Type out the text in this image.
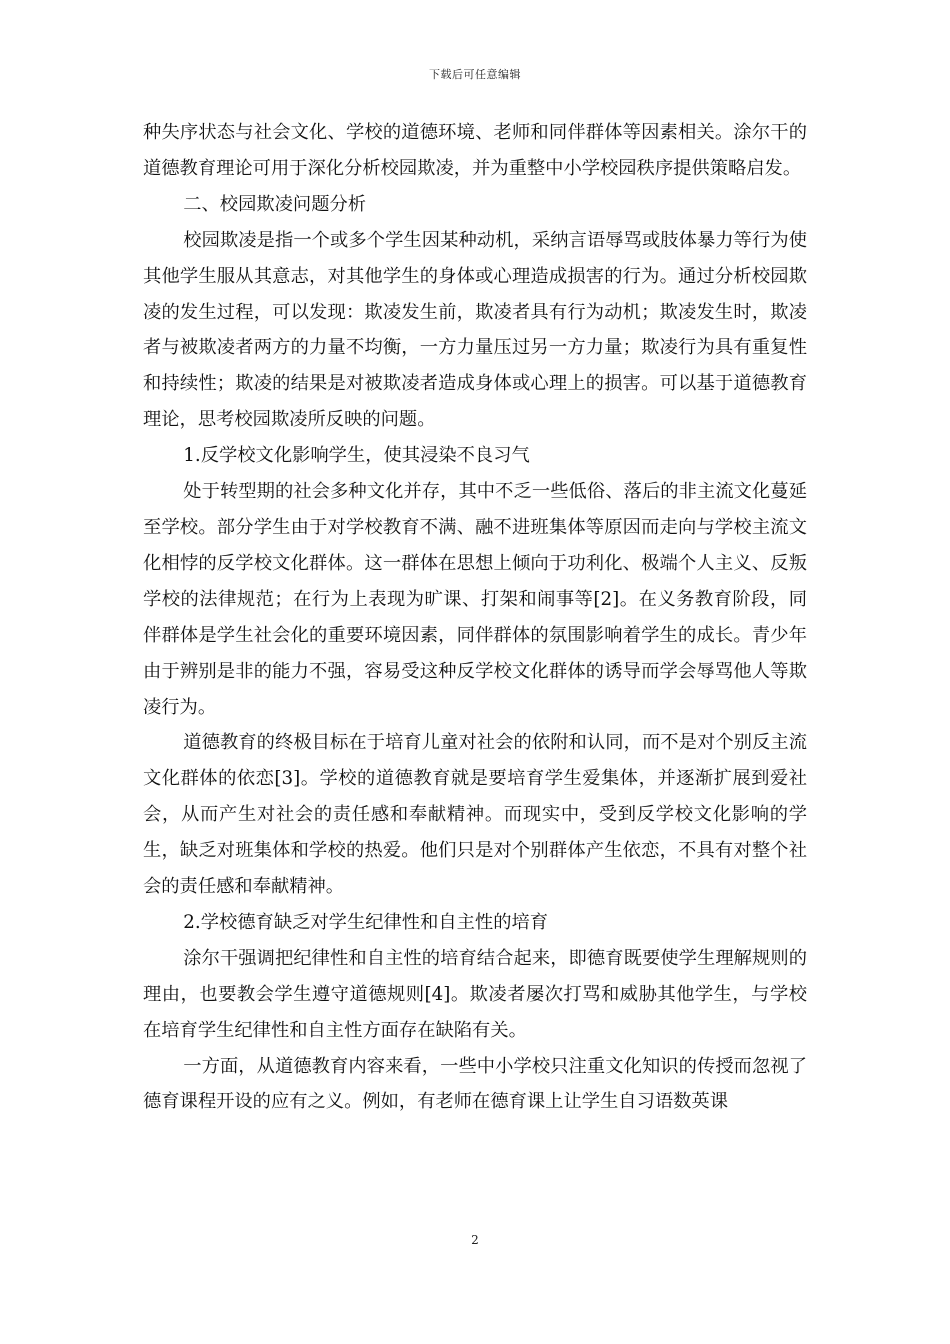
下载后可任意编辑

种失序状态与社会文化、学校的道德环境、老师和同伴群体等因素相关。涂尔干的道德教育理论可用于深化分析校园欺凌，并为重整中小学校园秩序提供策略启发。

二、校园欺凌问题分析

校园欺凌是指一个或多个学生因某种动机，采纳言语辱骂或肢体暴力等行为使其他学生服从其意志，对其他学生的身体或心理造成损害的行为。通过分析校园欺凌的发生过程，可以发现：欺凌发生前，欺凌者具有行为动机；欺凌发生时，欺凌者与被欺凌者两方的力量不均衡，一方力量压过另一方力量；欺凌行为具有重复性和持续性；欺凌的结果是对被欺凌者造成身体或心理上的损害。可以基于道德教育理论，思考校园欺凌所反映的问题。

1.反学校文化影响学生，使其浸染不良习气

处于转型期的社会多种文化并存，其中不乏一些低俗、落后的非主流文化蔓延至学校。部分学生由于对学校教育不满、融不进班集体等原因而走向与学校主流文化相悖的反学校文化群体。这一群体在思想上倾向于功利化、极端个人主义、反叛学校的法律规范；在行为上表现为旷课、打架和闹事等[2]。在义务教育阶段，同伴群体是学生社会化的重要环境因素，同伴群体的氛围影响着学生的成长。青少年由于辨别是非的能力不强，容易受这种反学校文化群体的诱导而学会辱骂他人等欺凌行为。

道德教育的终极目标在于培育儿童对社会的依附和认同，而不是对个别反主流文化群体的依恋[3]。学校的道德教育就是要培育学生爱集体，并逐渐扩展到爱社会，从而产生对社会的责任感和奉献精神。而现实中，受到反学校文化影响的学生，缺乏对班集体和学校的热爱。他们只是对个别群体产生依恋，不具有对整个社会的责任感和奉献精神。

2.学校德育缺乏对学生纪律性和自主性的培育

涂尔干强调把纪律性和自主性的培育结合起来，即德育既要使学生理解规则的理由，也要教会学生遵守道德规则[4]。欺凌者屡次打骂和威胁其他学生，与学校在培育学生纪律性和自主性方面存在缺陷有关。

一方面，从道德教育内容来看，一些中小学校只注重文化知识的传授而忽视了德育课程开设的应有之义。例如，有老师在德育课上让学生自习语数英课

2
